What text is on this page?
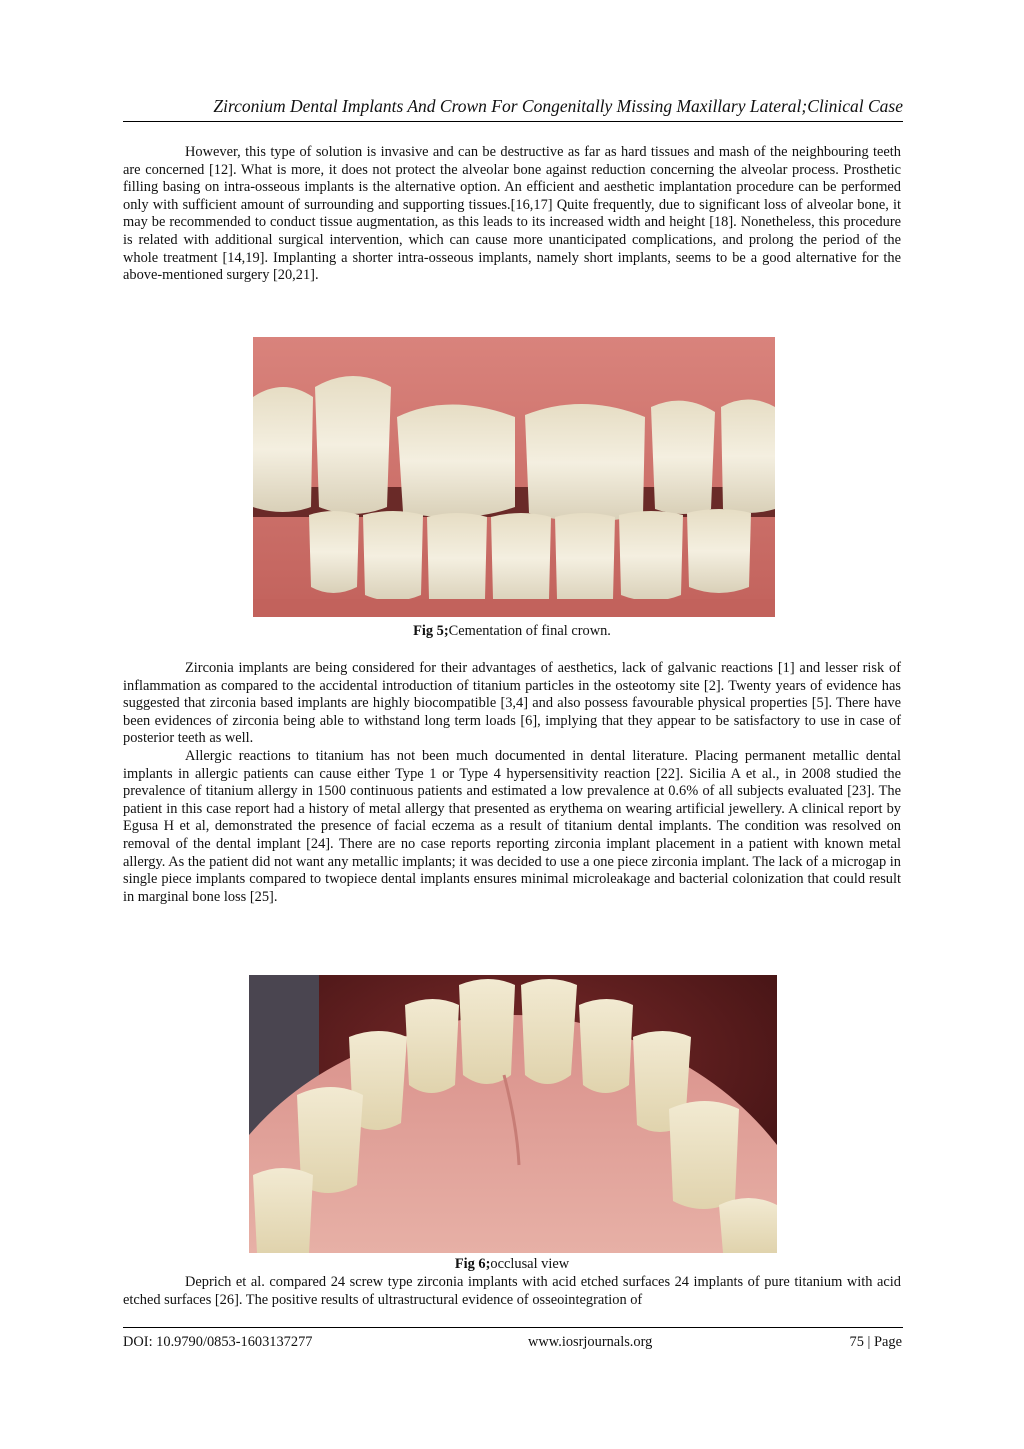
Zirconium Dental Implants And Crown For Congenitally Missing Maxillary Lateral;Clinical Case

However, this type of solution is invasive and can be destructive as far as hard tissues and mash of the neighbouring teeth are concerned [12]. What is more, it does not protect the alveolar bone against reduction concerning the alveolar process. Prosthetic filling basing on intra-osseous implants is the alternative option. An efficient and aesthetic implantation procedure can be performed only with sufficient amount of surrounding and supporting tissues.[16,17] Quite frequently, due to significant loss of alveolar bone, it may be recommended to conduct tissue augmentation, as this leads to its increased width and height [18]. Nonetheless, this procedure is related with additional surgical intervention, which can cause more unanticipated complications, and prolong the period of the whole treatment [14,19]. Implanting a shorter intra-osseous implants, namely short implants, seems to be a good alternative for the above-mentioned surgery [20,21].

Fig 5;Cementation of final crown.

Zirconia implants are being considered for their advantages of aesthetics, lack of galvanic reactions [1] and lesser risk of inflammation as compared to the accidental introduction of titanium particles in the osteotomy site [2]. Twenty years of evidence has suggested that zirconia based implants are highly biocompatible [3,4] and also possess favourable physical properties [5]. There have been evidences of zirconia being able to withstand long term loads [6], implying that they appear to be satisfactory to use in case of posterior teeth as well.

Allergic reactions to titanium has not been much documented in dental literature. Placing permanent metallic dental implants in allergic patients can cause either Type 1 or Type 4 hypersensitivity reaction [22]. Sicilia A et al., in 2008 studied the prevalence of titanium allergy in 1500 continuous patients and estimated a low prevalence at 0.6% of all subjects evaluated [23]. The patient in this case report had a history of metal allergy that presented as erythema on wearing artificial jewellery. A clinical report by Egusa H et al, demonstrated the presence of facial eczema as a result of titanium dental implants. The condition was resolved on removal of the dental implant [24]. There are no case reports reporting zirconia implant placement in a patient with known metal allergy. As the patient did not want any metallic implants; it was decided to use a one piece zirconia implant. The lack of a microgap in single piece implants compared to twopiece dental implants ensures minimal microleakage and bacterial colonization that could result in marginal bone loss [25].

Fig 6;occlusal view

Deprich et al. compared 24 screw type zirconia implants with acid etched surfaces 24 implants of pure titanium with acid etched surfaces [26]. The positive results of ultrastructural evidence of osseointegration of

DOI: 10.9790/0853-1603137277	www.iosrjournals.org	75 | Page
